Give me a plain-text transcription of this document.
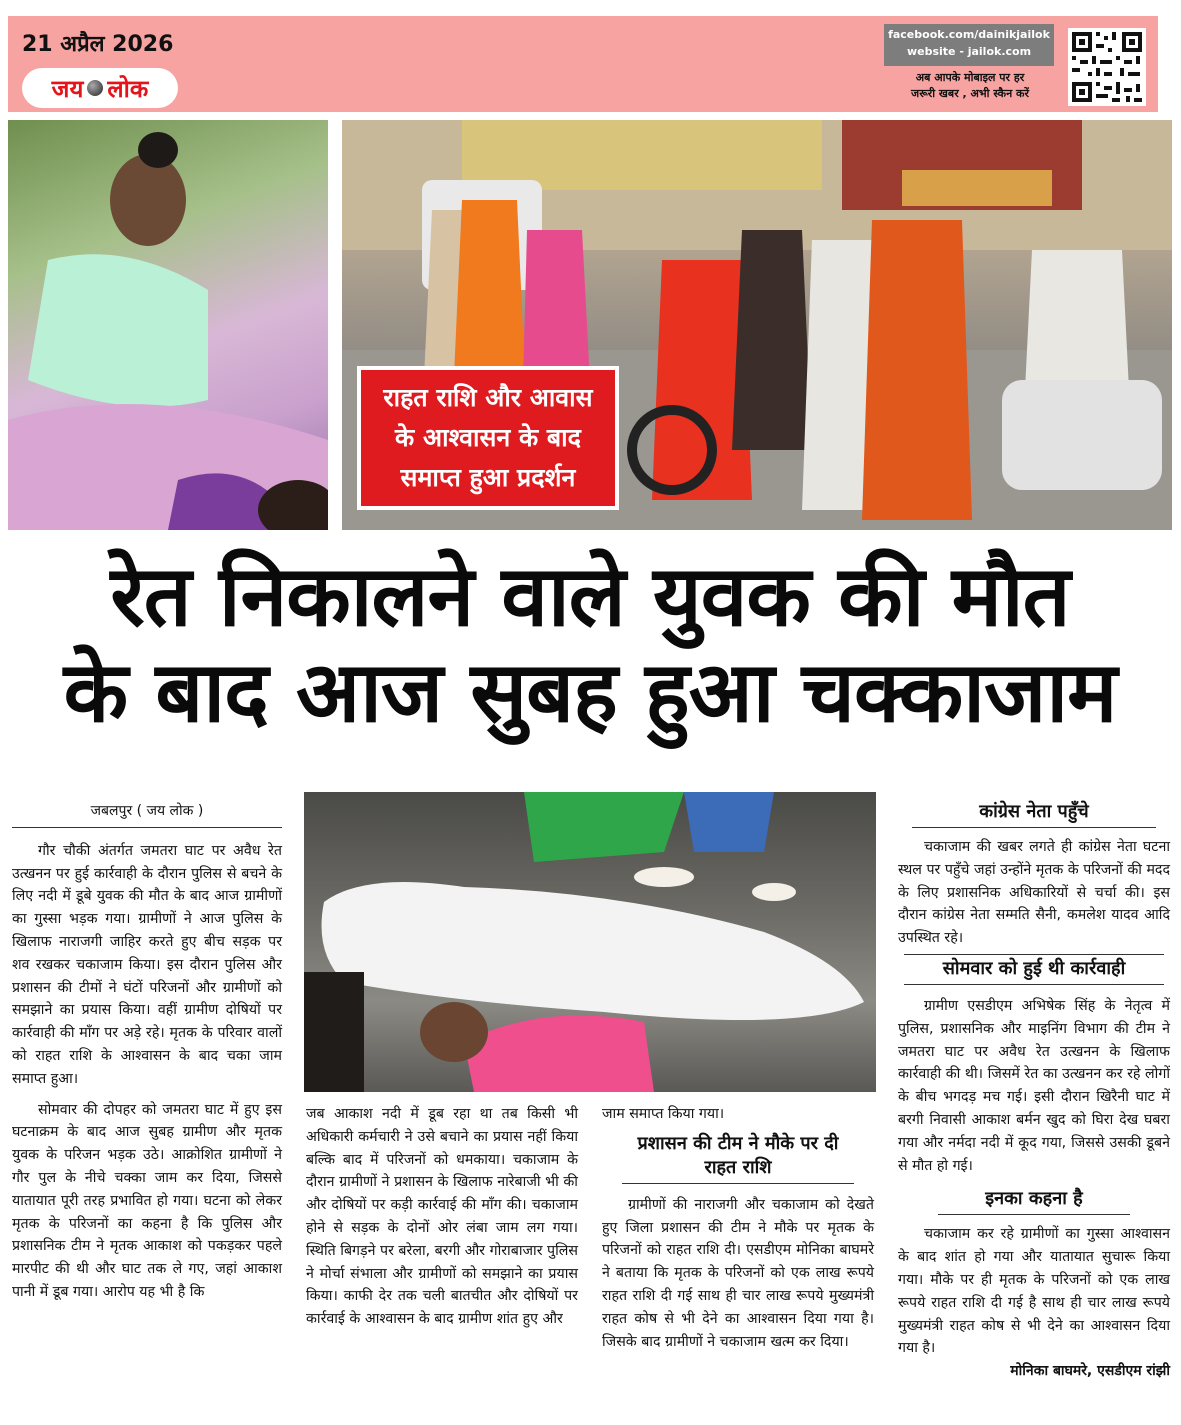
21 अप्रैल 2026
जय लोक
facebook.com/dainikjailok
website - jailok.com
अब आपके मोबाइल पर हर
जरूरी खबर , अभी स्कैन करें
राहत राशि और आवास
के आश्वासन के बाद
समाप्त हुआ प्रदर्शन
रेत निकालने वाले युवक की मौत
के बाद आज सुबह हुआ चक्काजाम
जबलपुर ( जय लोक )

गौर चौकी अंतर्गत जमतरा घाट पर अवैध रेत उत्खनन पर हुई कार्रवाही के दौरान पुलिस से बचने के लिए नदी में डूबे युवक की मौत के बाद आज ग्रामीणों का गुस्सा भड़क गया। ग्रामीणों ने आज पुलिस के खिलाफ नाराजगी जाहिर करते हुए बीच सड़क पर शव रखकर चकाजाम किया। इस दौरान पुलिस और प्रशासन की टीमों ने घंटों परिजनों और ग्रामीणों को समझाने का प्रयास किया। वहीं ग्रामीण दोषियों पर कार्रवाही की माँग पर अड़े रहे। मृतक के परिवार वालों को राहत राशि के आश्वासन के बाद चका जाम समाप्त हुआ।

सोमवार की दोपहर को जमतरा घाट में हुए इस घटनाक्रम के बाद आज सुबह ग्रामीण और मृतक युवक के परिजन भड़क उठे। आक्रोशित ग्रामीणों ने गौर पुल के नीचे चक्का जाम कर दिया, जिससे यातायात पूरी तरह प्रभावित हो गया। घटना को लेकर मृतक के परिजनों का कहना है कि पुलिस और प्रशासनिक टीम ने मृतक आकाश को पकड़कर पहले मारपीट की थी और घाट तक ले गए, जहां आकाश पानी में डूब गया। आरोप यह भी है कि

जब आकाश नदी में डूब रहा था तब किसी भी अधिकारी कर्मचारी ने उसे बचाने का प्रयास नहीं किया बल्कि बाद में परिजनों को धमकाया। चकाजाम के दौरान ग्रामीणों ने प्रशासन के खिलाफ नारेबाजी भी की और दोषियों पर कड़ी कार्रवाई की माँग की। चकाजाम होने से सड़क के दोनों ओर लंबा जाम लग गया। स्थिति बिगड़ने पर बरेला, बरगी और गोराबाजार पुलिस ने मोर्चा संभाला और ग्रामीणों को समझाने का प्रयास किया। काफी देर तक चली बातचीत और दोषियों पर कार्रवाई के आश्वासन के बाद ग्रामीण शांत हुए और

जाम समाप्त किया गया।

प्रशासन की टीम ने मौके पर दी राहत राशि

ग्रामीणों की नाराजगी और चकाजाम को देखते हुए जिला प्रशासन की टीम ने मौके पर मृतक के परिजनों को राहत राशि दी। एसडीएम मोनिका बाघमरे ने बताया कि मृतक के परिजनों को एक लाख रूपये राहत राशि दी गई साथ ही चार लाख रूपये मुख्यमंत्री राहत कोष से भी देने का आश्वासन दिया गया है। जिसके बाद ग्रामीणों ने चकाजाम खत्म कर दिया।

कांग्रेस नेता पहुँचे

चकाजाम की खबर लगते ही कांग्रेस नेता घटना स्थल पर पहुँचे जहां उन्होंने मृतक के परिजनों की मदद के लिए प्रशासनिक अधिकारियों से चर्चा की। इस दौरान कांग्रेस नेता सम्मति सैनी, कमलेश यादव आदि उपस्थित रहे।

सोमवार को हुई थी कार्रवाही

ग्रामीण एसडीएम अभिषेक सिंह के नेतृत्व में पुलिस, प्रशासनिक और माइनिंग विभाग की टीम ने जमतरा घाट पर अवैध रेत उत्खनन के खिलाफ कार्रवाही की थी। जिसमें रेत का उत्खनन कर रहे लोगों के बीच भगदड़ मच गई। इसी दौरान खिरैनी घाट में बरगी निवासी आकाश बर्मन खुद को घिरा देख घबरा गया और नर्मदा नदी में कूद गया, जिससे उसकी डूबने से मौत हो गई।

इनका कहना है

चकाजाम कर रहे ग्रामीणों का गुस्सा आश्वासन के बाद शांत हो गया और यातायात सुचारू किया गया। मौके पर ही मृतक के परिजनों को एक लाख रूपये राहत राशि दी गई है साथ ही चार लाख रूपये मुख्यमंत्री राहत कोष से भी देने का आश्वासन दिया गया है।

मोनिका बाघमरे, एसडीएम रांझी
